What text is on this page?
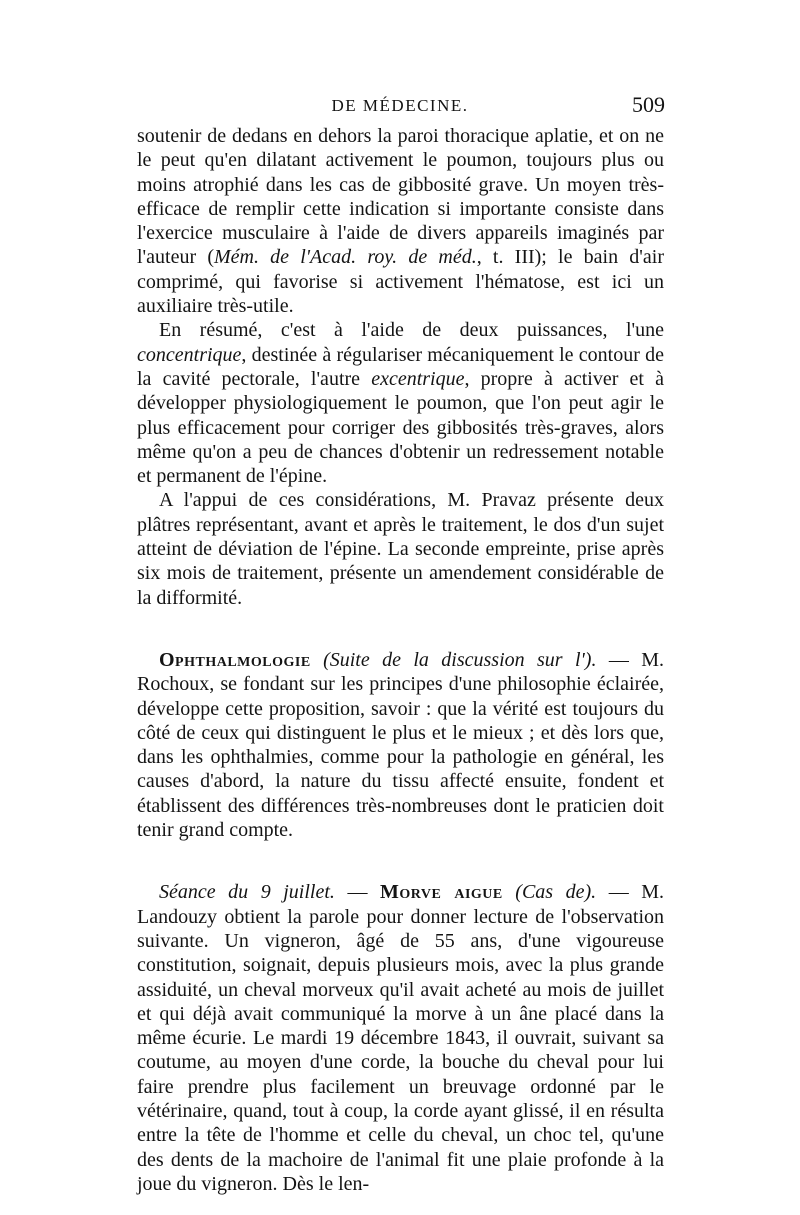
DE MÉDECINE.	509

soutenir de dedans en dehors la paroi thoracique aplatie, et on ne le peut qu'en dilatant activement le poumon, toujours plus ou moins atrophié dans les cas de gibbosité grave. Un moyen très-efficace de remplir cette indication si importante consiste dans l'exercice musculaire à l'aide de divers appareils imaginés par l'auteur (Mém. de l'Acad. roy. de méd., t. III); le bain d'air comprimé, qui favorise si activement l'hématose, est ici un auxiliaire très-utile.

En résumé, c'est à l'aide de deux puissances, l'une concentrique, destinée à régulariser mécaniquement le contour de la cavité pectorale, l'autre excentrique, propre à activer et à développer physiologiquement le poumon, que l'on peut agir le plus efficacement pour corriger des gibbosités très-graves, alors même qu'on a peu de chances d'obtenir un redressement notable et permanent de l'épine.

A l'appui de ces considérations, M. Pravaz présente deux plâtres représentant, avant et après le traitement, le dos d'un sujet atteint de déviation de l'épine. La seconde empreinte, prise après six mois de traitement, présente un amendement considérable de la difformité.

Ophthalmologie (Suite de la discussion sur l'). — M. Rochoux, se fondant sur les principes d'une philosophie éclairée, développe cette proposition, savoir : que la vérité est toujours du côté de ceux qui distinguent le plus et le mieux ; et dès lors que, dans les ophthalmies, comme pour la pathologie en général, les causes d'abord, la nature du tissu affecté ensuite, fondent et établissent des différences très-nombreuses dont le praticien doit tenir grand compte.

Séance du 9 juillet. — Morve aigue (Cas de). — M. Landouzy obtient la parole pour donner lecture de l'observation suivante. Un vigneron, âgé de 55 ans, d'une vigoureuse constitution, soignait, depuis plusieurs mois, avec la plus grande assiduité, un cheval morveux qu'il avait acheté au mois de juillet et qui déjà avait communiqué la morve à un âne placé dans la même écurie. Le mardi 19 décembre 1843, il ouvrait, suivant sa coutume, au moyen d'une corde, la bouche du cheval pour lui faire prendre plus facilement un breuvage ordonné par le vétérinaire, quand, tout à coup, la corde ayant glissé, il en résulta entre la tête de l'homme et celle du cheval, un choc tel, qu'une des dents de la machoire de l'animal fit une plaie profonde à la joue du vigneron. Dès le len-
